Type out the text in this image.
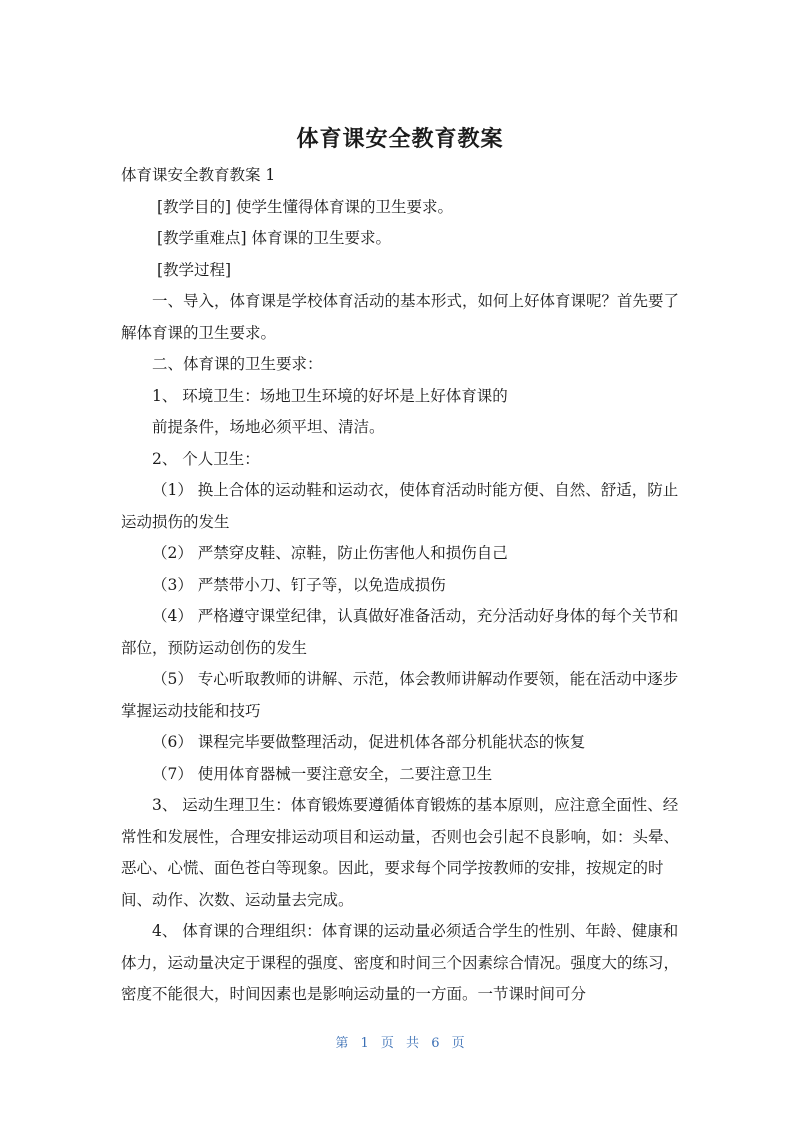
体育课安全教育教案

体育课安全教育教案 1

[教学目的] 使学生懂得体育课的卫生要求。

[教学重难点] 体育课的卫生要求。

[教学过程]

一、导入，体育课是学校体育活动的基本形式，如何上好体育课呢？首先要了解体育课的卫生要求。

二、体育课的卫生要求：

1、 环境卫生：场地卫生环境的好坏是上好体育课的

前提条件，场地必须平坦、清洁。

2、 个人卫生：

（1） 换上合体的运动鞋和运动衣，使体育活动时能方便、自然、舒适，防止运动损伤的发生

（2） 严禁穿皮鞋、凉鞋，防止伤害他人和损伤自己

（3） 严禁带小刀、钉子等，以免造成损伤

（4） 严格遵守课堂纪律，认真做好准备活动，充分活动好身体的每个关节和部位，预防运动创伤的发生

（5） 专心听取教师的讲解、示范，体会教师讲解动作要领，能在活动中逐步掌握运动技能和技巧

（6） 课程完毕要做整理活动，促进机体各部分机能状态的恢复

（7） 使用体育器械一要注意安全，二要注意卫生

3、 运动生理卫生：体育锻炼要遵循体育锻炼的基本原则，应注意全面性、经常性和发展性，合理安排运动项目和运动量，否则也会引起不良影响，如：头晕、恶心、心慌、面色苍白等现象。因此，要求每个同学按教师的安排，按规定的时间、动作、次数、运动量去完成。

4、 体育课的合理组织：体育课的运动量必须适合学生的性别、年龄、健康和体力，运动量决定于课程的强度、密度和时间三个因素综合情况。强度大的练习，密度不能很大，时间因素也是影响运动量的一方面。一节课时间可分

第 1 页 共 6 页
